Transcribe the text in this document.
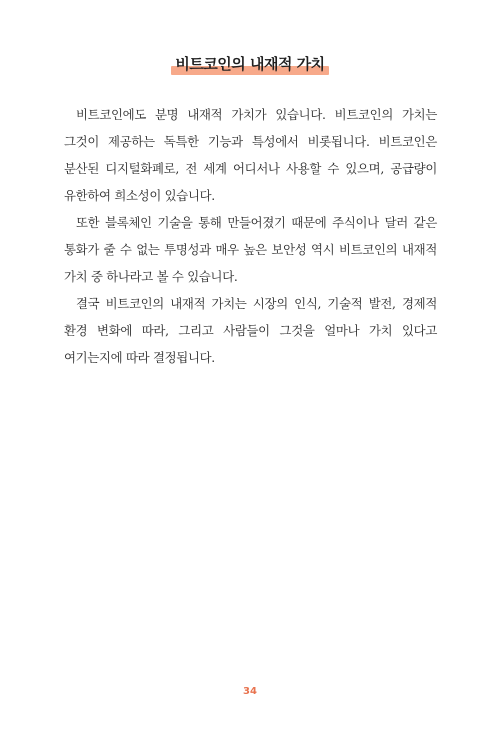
비트코인의 내재적 가치

비트코인에도 분명 내재적 가치가 있습니다. 비트코인의 가치는 그것이 제공하는 독특한 기능과 특성에서 비롯됩니다. 비트코인은 분산된 디지털화폐로, 전 세계 어디서나 사용할 수 있으며, 공급량이 유한하여 희소성이 있습니다.

또한 블록체인 기술을 통해 만들어졌기 때문에 주식이나 달러 같은 통화가 줄 수 없는 투명성과 매우 높은 보안성 역시 비트코인의 내재적 가치 중 하나라고 볼 수 있습니다.

결국 비트코인의 내재적 가치는 시장의 인식, 기술적 발전, 경제적 환경 변화에 따라, 그리고 사람들이 그것을 얼마나 가치 있다고 여기는지에 따라 결정됩니다.

34
